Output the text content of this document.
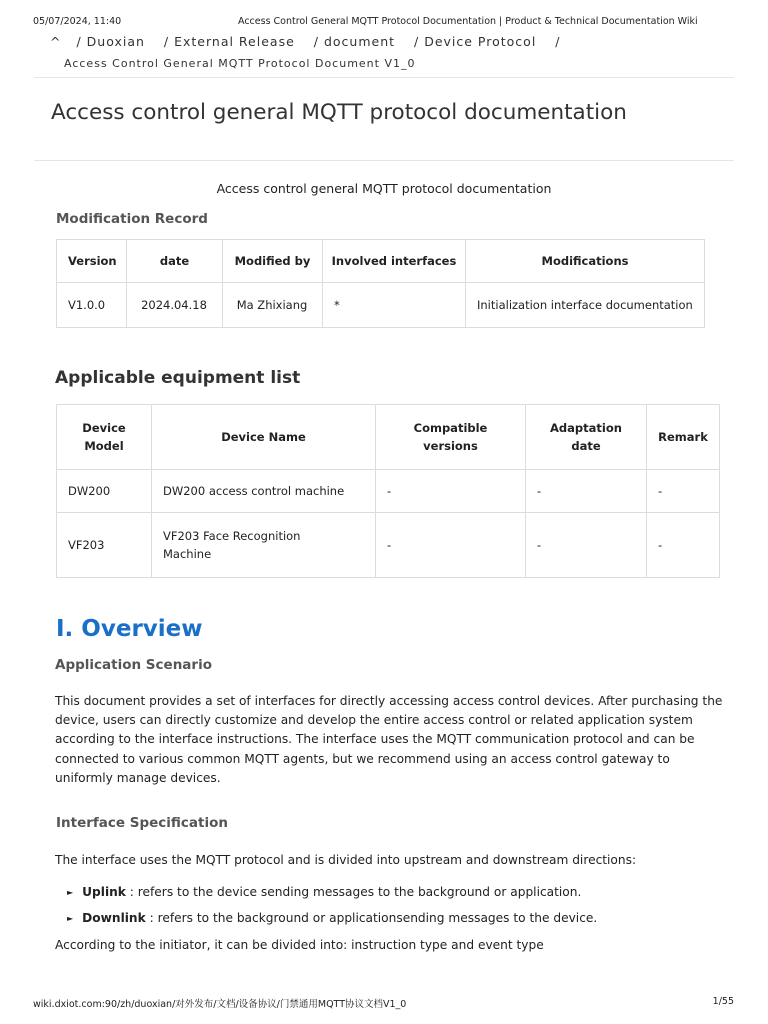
05/07/2024, 11:40	Access Control General MQTT Protocol Documentation | Product & Technical Documentation Wiki
^ / Duoxian / External Release / document / Device Protocol /
Access Control General MQTT Protocol Document V1_0
Access control general MQTT protocol documentation
Access control general MQTT protocol documentation
Modification Record
Version	date	Modified by	Involved interfaces	Modifications
V1.0.0	2024.04.18	Ma Zhixiang	*	Initialization interface documentation
Applicable equipment list
Device Model	Device Name	Compatible versions	Adaptation date	Remark
DW200	DW200 access control machine	-	-	-
VF203	VF203 Face Recognition Machine	-	-	-
I. Overview
Application Scenario
This document provides a set of interfaces for directly accessing access control devices. After purchasing the device, users can directly customize and develop the entire access control or related application system according to the interface instructions. The interface uses the MQTT communication protocol and can be connected to various common MQTT agents, but we recommend using an access control gateway to uniformly manage devices.
Interface Specification
The interface uses the MQTT protocol and is divided into upstream and downstream directions:
► Uplink : refers to the device sending messages to the background or application.
► Downlink : refers to the background or applicationsending messages to the device.
According to the initiator, it can be divided into: instruction type and event type
wiki.dxiot.com:90/zh/duoxian/对外发布/文档/设备协议/门禁通用MQTT协议文档V1_0	1/55
